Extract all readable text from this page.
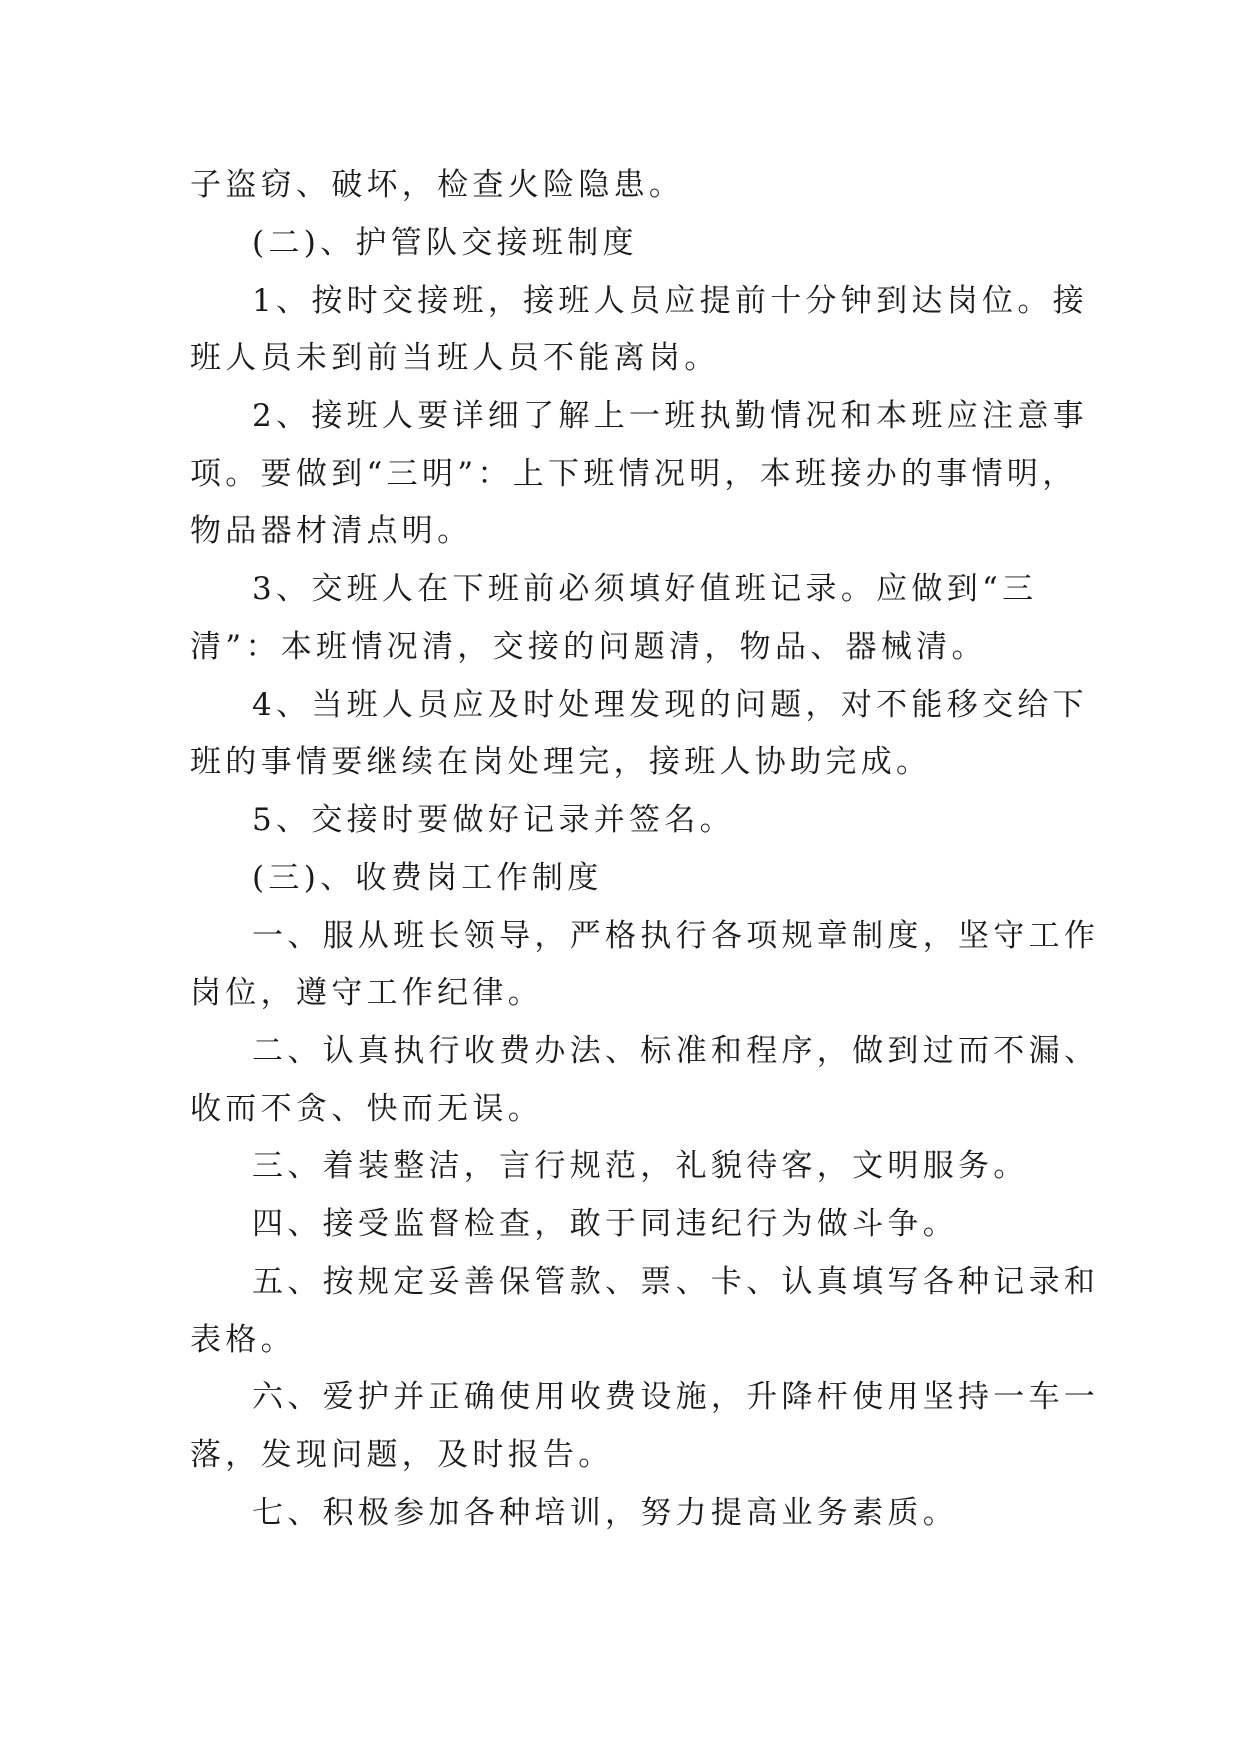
子盗窃、破坏，检查火险隐患。

(二)、护管队交接班制度

1、按时交接班，接班人员应提前十分钟到达岗位。接

班人员未到前当班人员不能离岗。

2、接班人要详细了解上一班执勤情况和本班应注意事

项。要做到“三明”：上下班情况明，本班接办的事情明，

物品器材清点明。

3、交班人在下班前必须填好值班记录。应做到“三

清”：本班情况清，交接的问题清，物品、器械清。

4、当班人员应及时处理发现的问题，对不能移交给下

班的事情要继续在岗处理完，接班人协助完成。

5、交接时要做好记录并签名。

(三)、收费岗工作制度

一、服从班长领导，严格执行各项规章制度，坚守工作

岗位，遵守工作纪律。

二、认真执行收费办法、标准和程序，做到过而不漏、

收而不贪、快而无误。

三、着装整洁，言行规范，礼貌待客，文明服务。

四、接受监督检查，敢于同违纪行为做斗争。

五、按规定妥善保管款、票、卡、认真填写各种记录和

表格。

六、爱护并正确使用收费设施，升降杆使用坚持一车一

落，发现问题，及时报告。

七、积极参加各种培训，努力提高业务素质。
